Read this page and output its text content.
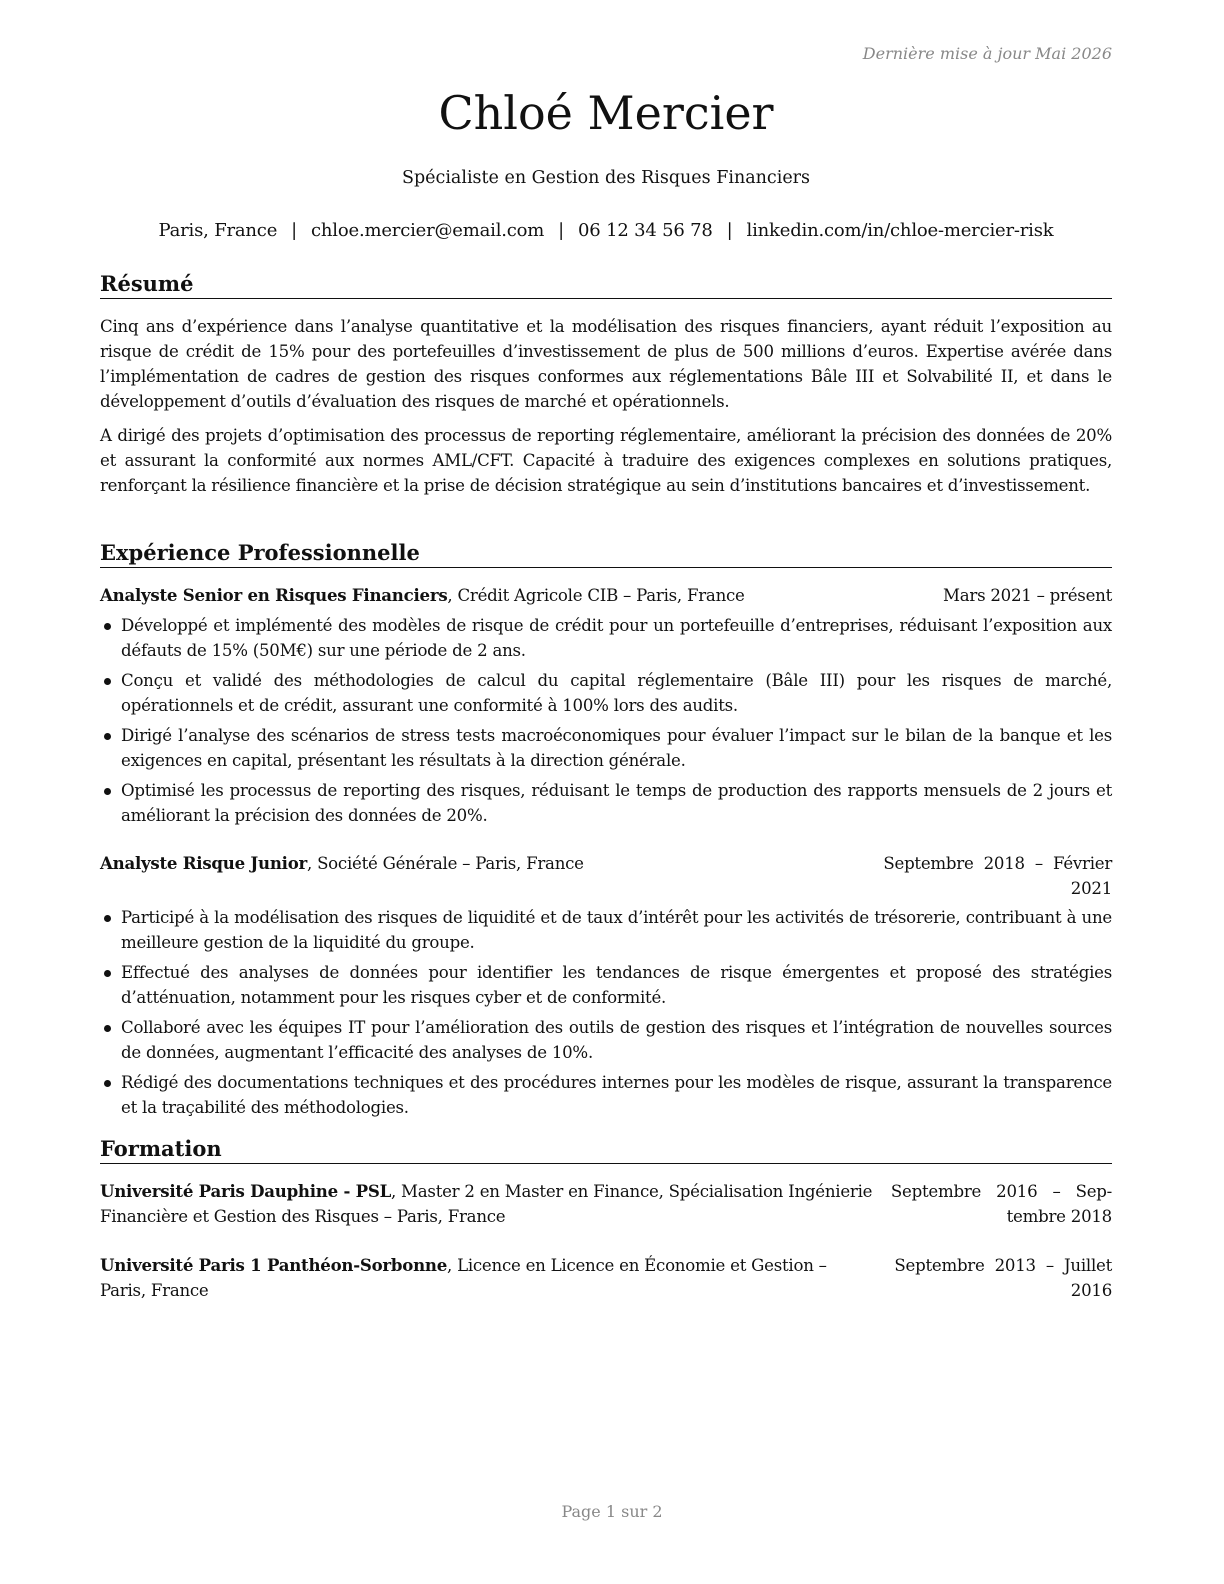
Dernière mise à jour Mai 2026
Chloé Mercier
Spécialiste en Gestion des Risques Financiers
Paris, France | chloe.mercier@email.com | 06 12 34 56 78 | linkedin.com/in/chloe-mercier-risk
Résumé

Cinq ans d’expérience dans l’analyse quantitative et la modélisation des risques financiers, ayant réduit l’exposition au risque de crédit de 15% pour des portefeuilles d’investissement de plus de 500 millions d’euros. Expertise avérée dans l’implémentation de cadres de gestion des risques conformes aux réglementations Bâle III et Solvabilité II, et dans le développement d’outils d’évaluation des risques de marché et opérationnels.

A dirigé des projets d’optimisation des processus de reporting réglementaire, améliorant la précision des données de 20% et assurant la conformité aux normes AML/CFT. Capacité à traduire des exigences complexes en solutions pratiques, renforçant la résilience financière et la prise de décision stratégique au sein d’institutions bancaires et d’investissement.

Expérience Professionnelle
Analyste Senior en Risques Financiers, Crédit Agricole CIB – Paris, France	Mars 2021 – présent
Développé et implémenté des modèles de risque de crédit pour un portefeuille d’entreprises, réduisant l’exposition aux défauts de 15% (50M€) sur une période de 2 ans.
Conçu et validé des méthodologies de calcul du capital réglementaire (Bâle III) pour les risques de marché, opérationnels et de crédit, assurant une conformité à 100% lors des audits.
Dirigé l’analyse des scénarios de stress tests macroéconomiques pour évaluer l’impact sur le bilan de la banque et les exigences en capital, présentant les résultats à la direction générale.
Optimisé les processus de reporting des risques, réduisant le temps de production des rapports mensuels de 2 jours et améliorant la précision des données de 20%.
Analyste Risque Junior, Société Générale – Paris, France	Septembre  2018  –  Février
2021
Participé à la modélisation des risques de liquidité et de taux d’intérêt pour les activités de trésorerie, contribuant à une meilleure gestion de la liquidité du groupe.
Effectué des analyses de données pour identifier les tendances de risque émergentes et proposé des stratégies d’atténuation, notamment pour les risques cyber et de conformité.
Collaboré avec les équipes IT pour l’amélioration des outils de gestion des risques et l’intégration de nouvelles sources de données, augmentant l’efficacité des analyses de 10%.
Rédigé des documentations techniques et des procédures internes pour les modèles de risque, assurant la transparence et la traçabilité des méthodologies.
Formation
Université Paris Dauphine - PSL, Master 2 en Master en Finance, Spécialisation Ingénierie
Financière et Gestion des Risques – Paris, France
Septembre   2016   –   Sep-
tembre 2018
Université Paris 1 Panthéon-Sorbonne, Licence en Licence en Économie et Gestion –
Paris, France
Septembre  2013  –  Juillet
2016
Page 1 sur 2
